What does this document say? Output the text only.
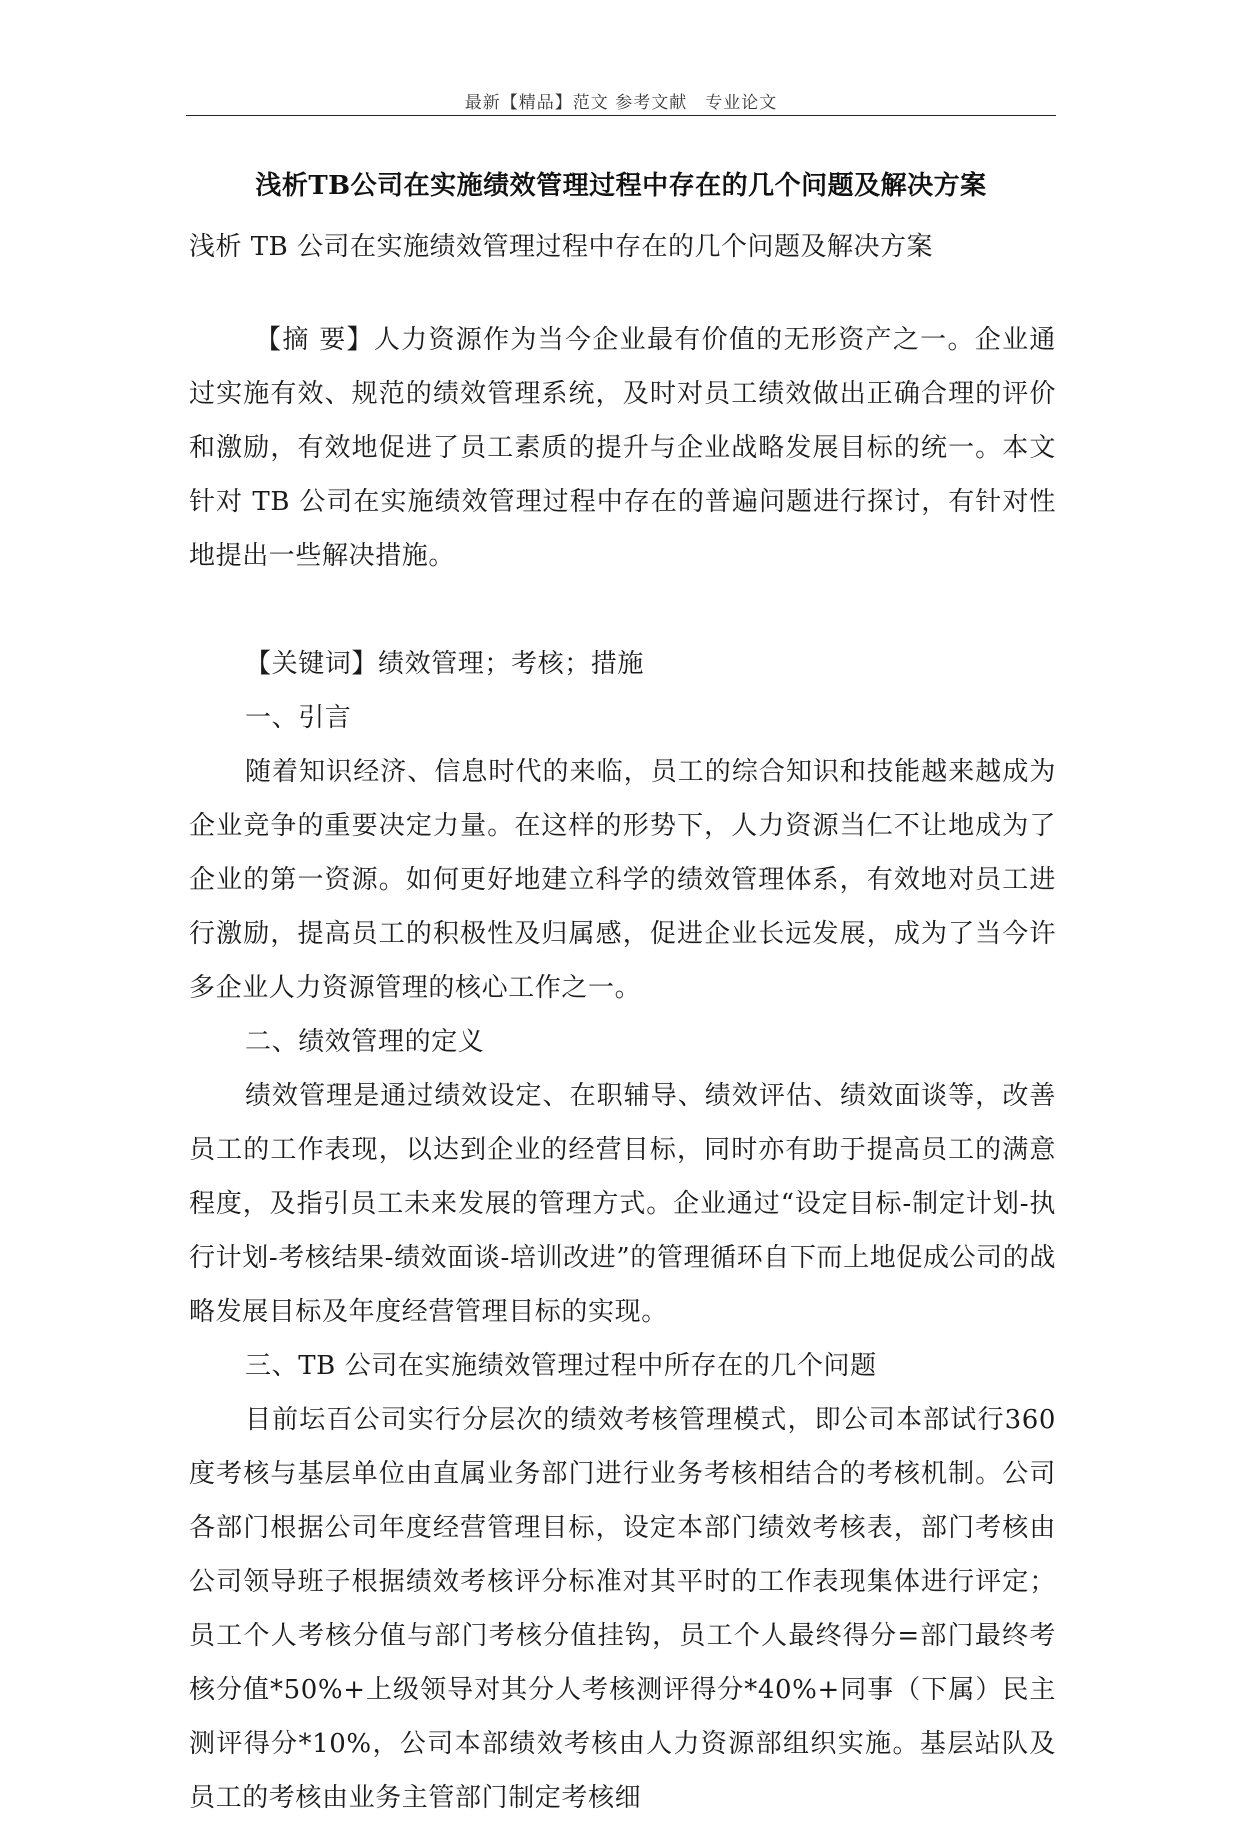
最新【精品】范文 参考文献　专业论文
浅析TB公司在实施绩效管理过程中存在的几个问题及解决方案
浅析 TB 公司在实施绩效管理过程中存在的几个问题及解决方案

【摘 要】人力资源作为当今企业最有价值的无形资产之一。企业通过实施有效、规范的绩效管理系统，及时对员工绩效做出正确合理的评价和激励，有效地促进了员工素质的提升与企业战略发展目标的统一。本文针对 TB 公司在实施绩效管理过程中存在的普遍问题进行探讨，有针对性地提出一些解决措施。

【关键词】绩效管理；考核；措施

一、引言

随着知识经济、信息时代的来临，员工的综合知识和技能越来越成为企业竞争的重要决定力量。在这样的形势下，人力资源当仁不让地成为了企业的第一资源。如何更好地建立科学的绩效管理体系，有效地对员工进行激励，提高员工的积极性及归属感，促进企业长远发展，成为了当今许多企业人力资源管理的核心工作之一。

二、绩效管理的定义

绩效管理是通过绩效设定、在职辅导、绩效评估、绩效面谈等，改善员工的工作表现，以达到企业的经营目标，同时亦有助于提高员工的满意程度，及指引员工未来发展的管理方式。企业通过“设定目标-制定计划-执行计划-考核结果-绩效面谈-培训改进”的管理循环自下而上地促成公司的战略发展目标及年度经营管理目标的实现。

三、TB 公司在实施绩效管理过程中所存在的几个问题

目前坛百公司实行分层次的绩效考核管理模式，即公司本部试行360 度考核与基层单位由直属业务部门进行业务考核相结合的考核机制。公司各部门根据公司年度经营管理目标，设定本部门绩效考核表，部门考核由公司领导班子根据绩效考核评分标准对其平时的工作表现集体进行评定；员工个人考核分值与部门考核分值挂钩，员工个人最终得分=部门最终考核分值*50%+上级领导对其分人考核测评得分*40%+同事（下属）民主测评得分*10%，公司本部绩效考核由人力资源部组织实施。基层站队及员工的考核由业务主管部门制定考核细
